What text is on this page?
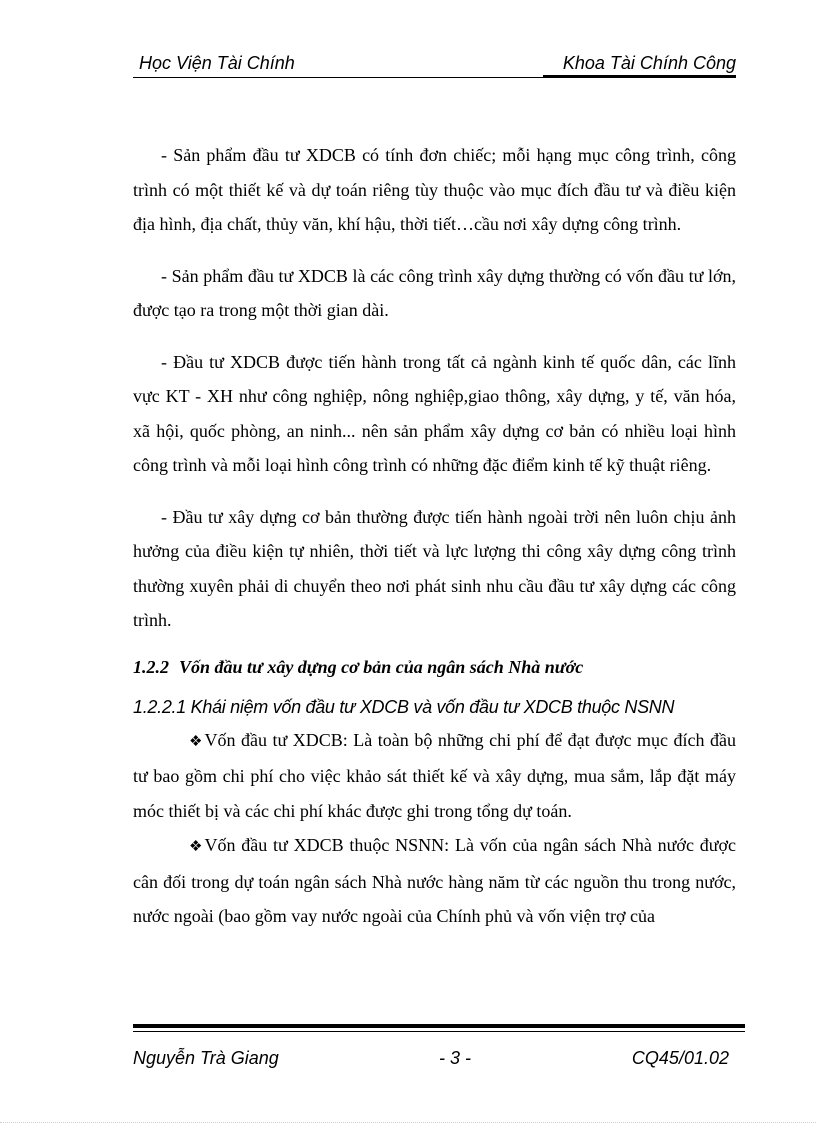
Học Viện Tài Chính	Khoa Tài Chính Công

- Sản phẩm đầu tư XDCB có tính đơn chiếc; mỗi hạng mục công trình, công trình có một thiết kế và dự toán riêng tùy thuộc vào mục đích đầu tư và điều kiện địa hình, địa chất, thủy văn, khí hậu, thời tiết…cầu nơi xây dựng công trình.

- Sản phẩm đầu tư XDCB là các công trình xây dựng thường có vốn đầu tư lớn, được tạo ra trong một thời gian dài.

- Đầu tư XDCB được tiến hành trong tất cả ngành kinh tế quốc dân, các lĩnh vực KT - XH như công nghiệp, nông nghiệp,giao thông, xây dựng, y tế, văn hóa, xã hội, quốc phòng, an ninh... nên sản phẩm xây dựng cơ bản có nhiều loại hình công trình và mỗi loại hình công trình có những đặc điểm kinh tế kỹ thuật riêng.

- Đầu tư xây dựng cơ bản thường được tiến hành ngoài trời nên luôn chịu ảnh hưởng của điều kiện tự nhiên, thời tiết và lực lượng thi công xây dựng công trình thường xuyên phải di chuyển theo nơi phát sinh nhu cầu đầu tư xây dựng các công trình.

1.2.2 Vốn đầu tư xây dựng cơ bản của ngân sách Nhà nước
1.2.2.1 Khái niệm vốn đầu tư XDCB và vốn đầu tư XDCB thuộc NSNN

❖ Vốn đầu tư XDCB: Là toàn bộ những chi phí để đạt được mục đích đầu tư bao gồm chi phí cho việc khảo sát thiết kế và xây dựng, mua sắm, lắp đặt máy móc thiết bị và các chi phí khác được ghi trong tổng dự toán.

❖ Vốn đầu tư XDCB thuộc NSNN: Là vốn của ngân sách Nhà nước được cân đối trong dự toán ngân sách Nhà nước hàng năm từ các nguồn thu trong nước, nước ngoài (bao gồm vay nước ngoài của Chính phủ và vốn viện trợ của

Nguyễn Trà Giang	- 3 -	CQ45/01.02
